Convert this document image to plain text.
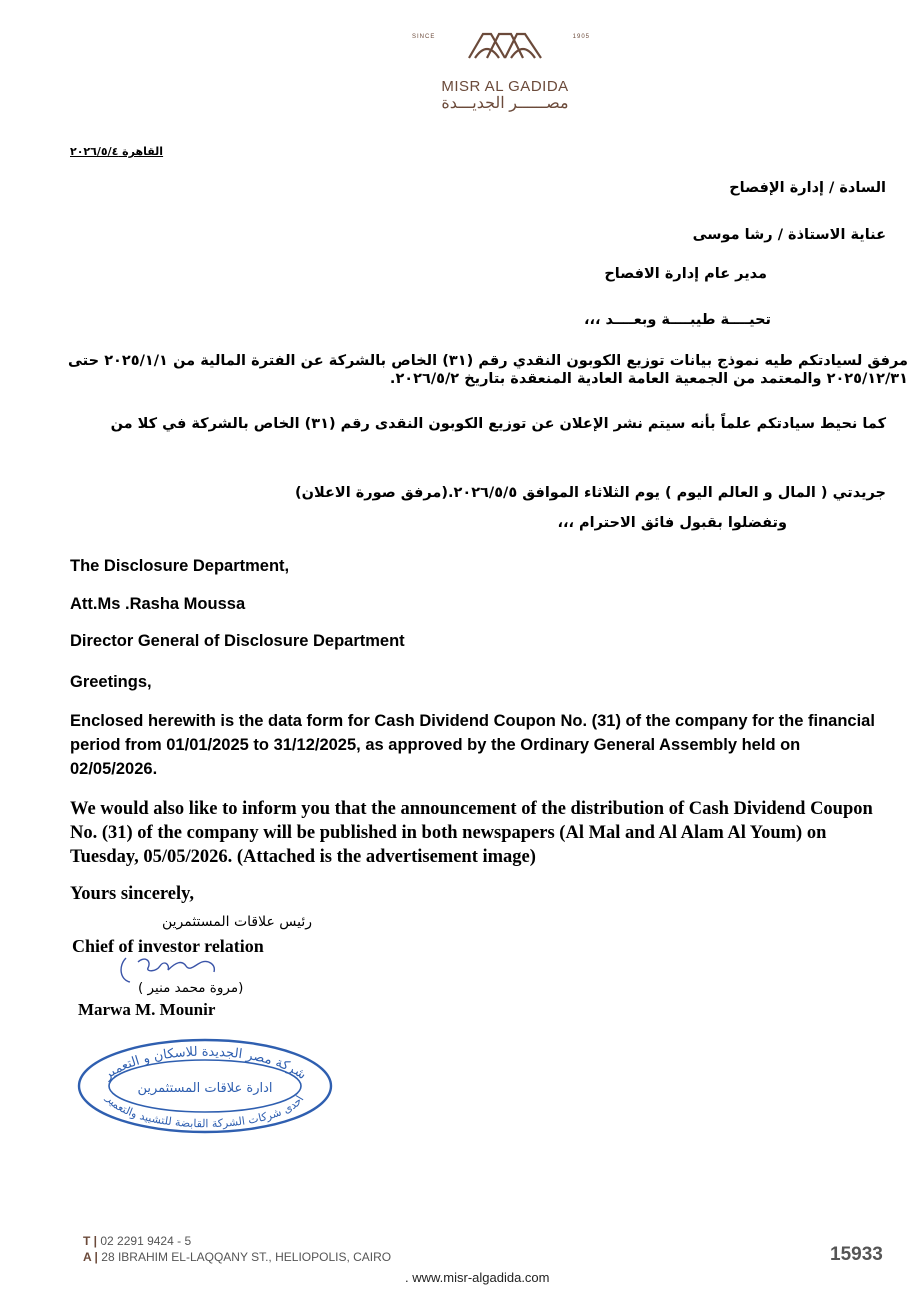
SINCE	1905
MISR AL GADIDA
مصــــــر الجديـــدة
القاهرة ٢٠٢٦/٥/٤
السادة / إدارة الإفصاح
عناية الاستاذة / رشا موسى
مدير عام إدارة الافصاح
تحيــــة طيبــــة وبعــــد ،،،
مرفق لسيادتكم طيه نموذج بيانات توزيع الكوبون النقدي رقم (٣١) الخاص بالشركة عن الفترة المالية من ٢٠٢٥/١/١ حتى ٢٠٢٥/١٢/٣١ والمعتمد من الجمعية العامة العادية المنعقدة بتاريخ ٢٠٢٦/٥/٢.
كما نحيط سيادتكم علماً بأنه سيتم نشر الإعلان عن توزيع الكوبون النقدى رقم (٣١) الخاص بالشركة في كلا من
جريدتي ( المال و العالم اليوم ) يوم الثلاثاء الموافق ٢٠٢٦/٥/٥.(مرفق صورة الاعلان)
وتفضلوا بقبول فائق الاحترام ،،،
The Disclosure Department,
Att.Ms .Rasha Moussa
Director General of Disclosure Department
Greetings,
Enclosed herewith is the data form for Cash Dividend Coupon No. (31) of the company for the financial period from 01/01/2025 to 31/12/2025, as approved by the Ordinary General Assembly held on 02/05/2026.
We would also like to inform you that the announcement of the distribution of Cash Dividend Coupon No. (31) of the company will be published in both newspapers (Al Mal and Al Alam Al Youm) on Tuesday, 05/05/2026. (Attached is the advertisement image)
Yours sincerely,
رئيس علاقات المستثمرين
Chief of investor relation
(مروة محمد منير )
Marwa M. Mounir
شركة مصر الجديدة للاسكان و التعمير
ادارة علاقات المستثمرين
احدى شركات الشركة القابضة للتشييد والتعمير
T | 02 2291 9424 - 5
A | 28 IBRAHIM EL-LAQQANY ST., HELIOPOLIS, CAIRO	15933
. www.misr-algadida.com
